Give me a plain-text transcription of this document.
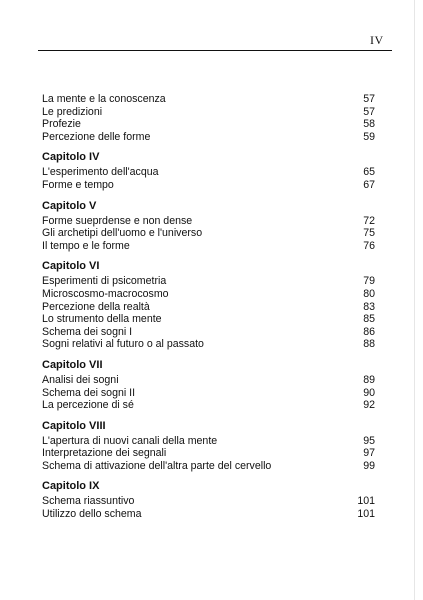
IV
La mente e la conoscenza	57
Le predizioni	57
Profezie	58
Percezione delle forme	59
Capitolo IV
L'esperimento dell'acqua	65
Forme e tempo	67
Capitolo V
Forme sueprdense e non dense	72
Gli archetipi dell'uomo e l'universo	75
Il tempo e le forme	76
Capitolo VI
Esperimenti di psicometria	79
Microscosmo-macrocosmo	80
Percezione della realtà	83
Lo strumento della mente	85
Schema dei sogni I	86
Sogni relativi al futuro o al passato	88
Capitolo VII
Analisi dei sogni	89
Schema dei sogni II	90
La percezione di sé	92
Capitolo VIII
L'apertura di nuovi canali della mente	95
Interpretazione dei segnali	97
Schema di attivazione dell'altra parte del cervello	99
Capitolo IX
Schema riassuntivo	101
Utilizzo dello schema	101
